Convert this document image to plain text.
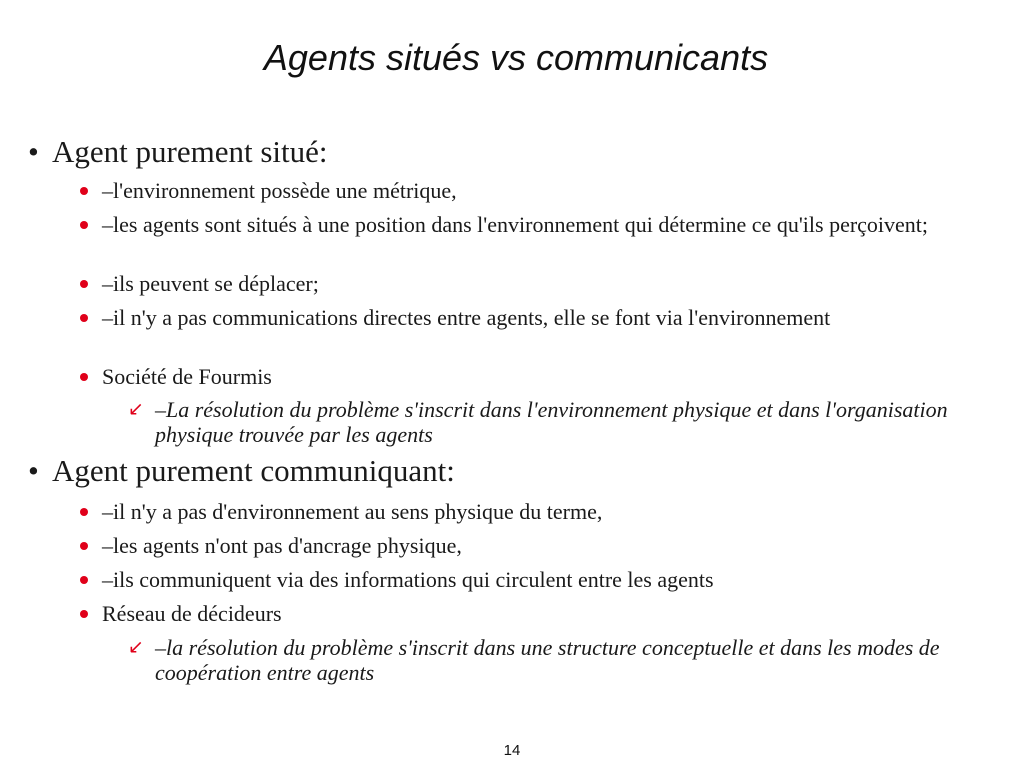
Agents situés vs communicants
• Agent purement situé:
–l'environnement possède une métrique,
–les agents sont situés à une position dans l'environnement qui détermine ce qu'ils perçoivent;
–ils peuvent se déplacer;
–il n'y a pas communications directes entre agents, elle se font via l'environnement
Société de Fourmis
↙ –La résolution du problème s'inscrit dans l'environnement physique et dans l'organisation physique trouvée par les agents
• Agent purement communiquant:
–il n'y a pas d'environnement au sens physique du terme,
–les agents n'ont pas d'ancrage physique,
–ils communiquent via des informations qui circulent entre les agents
Réseau de décideurs
↙ –la résolution du problème s'inscrit dans une structure conceptuelle et dans les modes de coopération entre agents
14
